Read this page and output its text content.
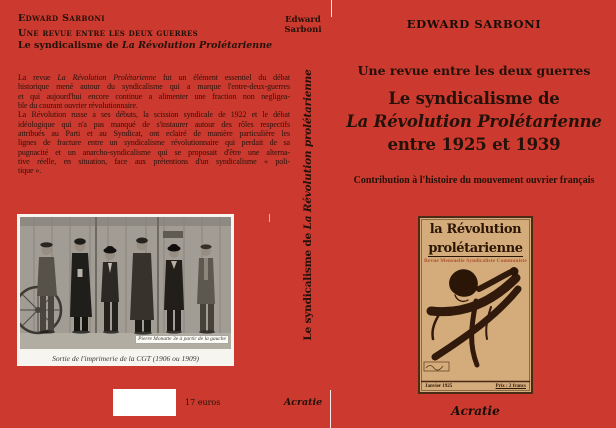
Edward Sarboni
Une revue entre les deux guerres
Le syndicalisme de La Révolution Prolétarienne
La revue La Révolution Prolétarienne fut un élément essentiel du débat
historique mené autour du syndicalisme qui a marque l'entre-deux-guerres
et qui aujourd'hui encore continue a alimenter une fraction non negligea-
ble du courant ouvrier révolutionnaire.
La Révolution russe a ses débuts, la scission syndicale de 1922 et le débat
idéologique qui n'a pas manqué de s'instaurer autour des rôles respectifs
attribués au Parti et au Syndicat, ont eclairé de manière particulière les
lignes de fracture entre un syndicalisme révolutionnaire qui perdait de sa
pugnacité et un anarcho-syndicalisme qui se proposait d'être une alterna-
tive réelle, en situation, face aux prétentions d'un syndicalisme « poli-
tique ».
Pierre Monatte 3e à partir de la gauche
Sortie de l'imprimerie de la CGT (1906 ou 1909)
17 euros
Edward
Sarboni
Le syndicalisme de La Révolution prolétarienne
Acratie
EDWARD SARBONI
Une revue entre les deux guerres
Le syndicalisme de
La Révolution Prolétarienne
entre 1925 et 1939
Contribution à l'histoire du mouvement ouvrier français
la Révolution
prolétarienne
Revue Mensuelle Syndicaliste Communiste
Janvier 1925	Prix : 2 francs
Acratie
